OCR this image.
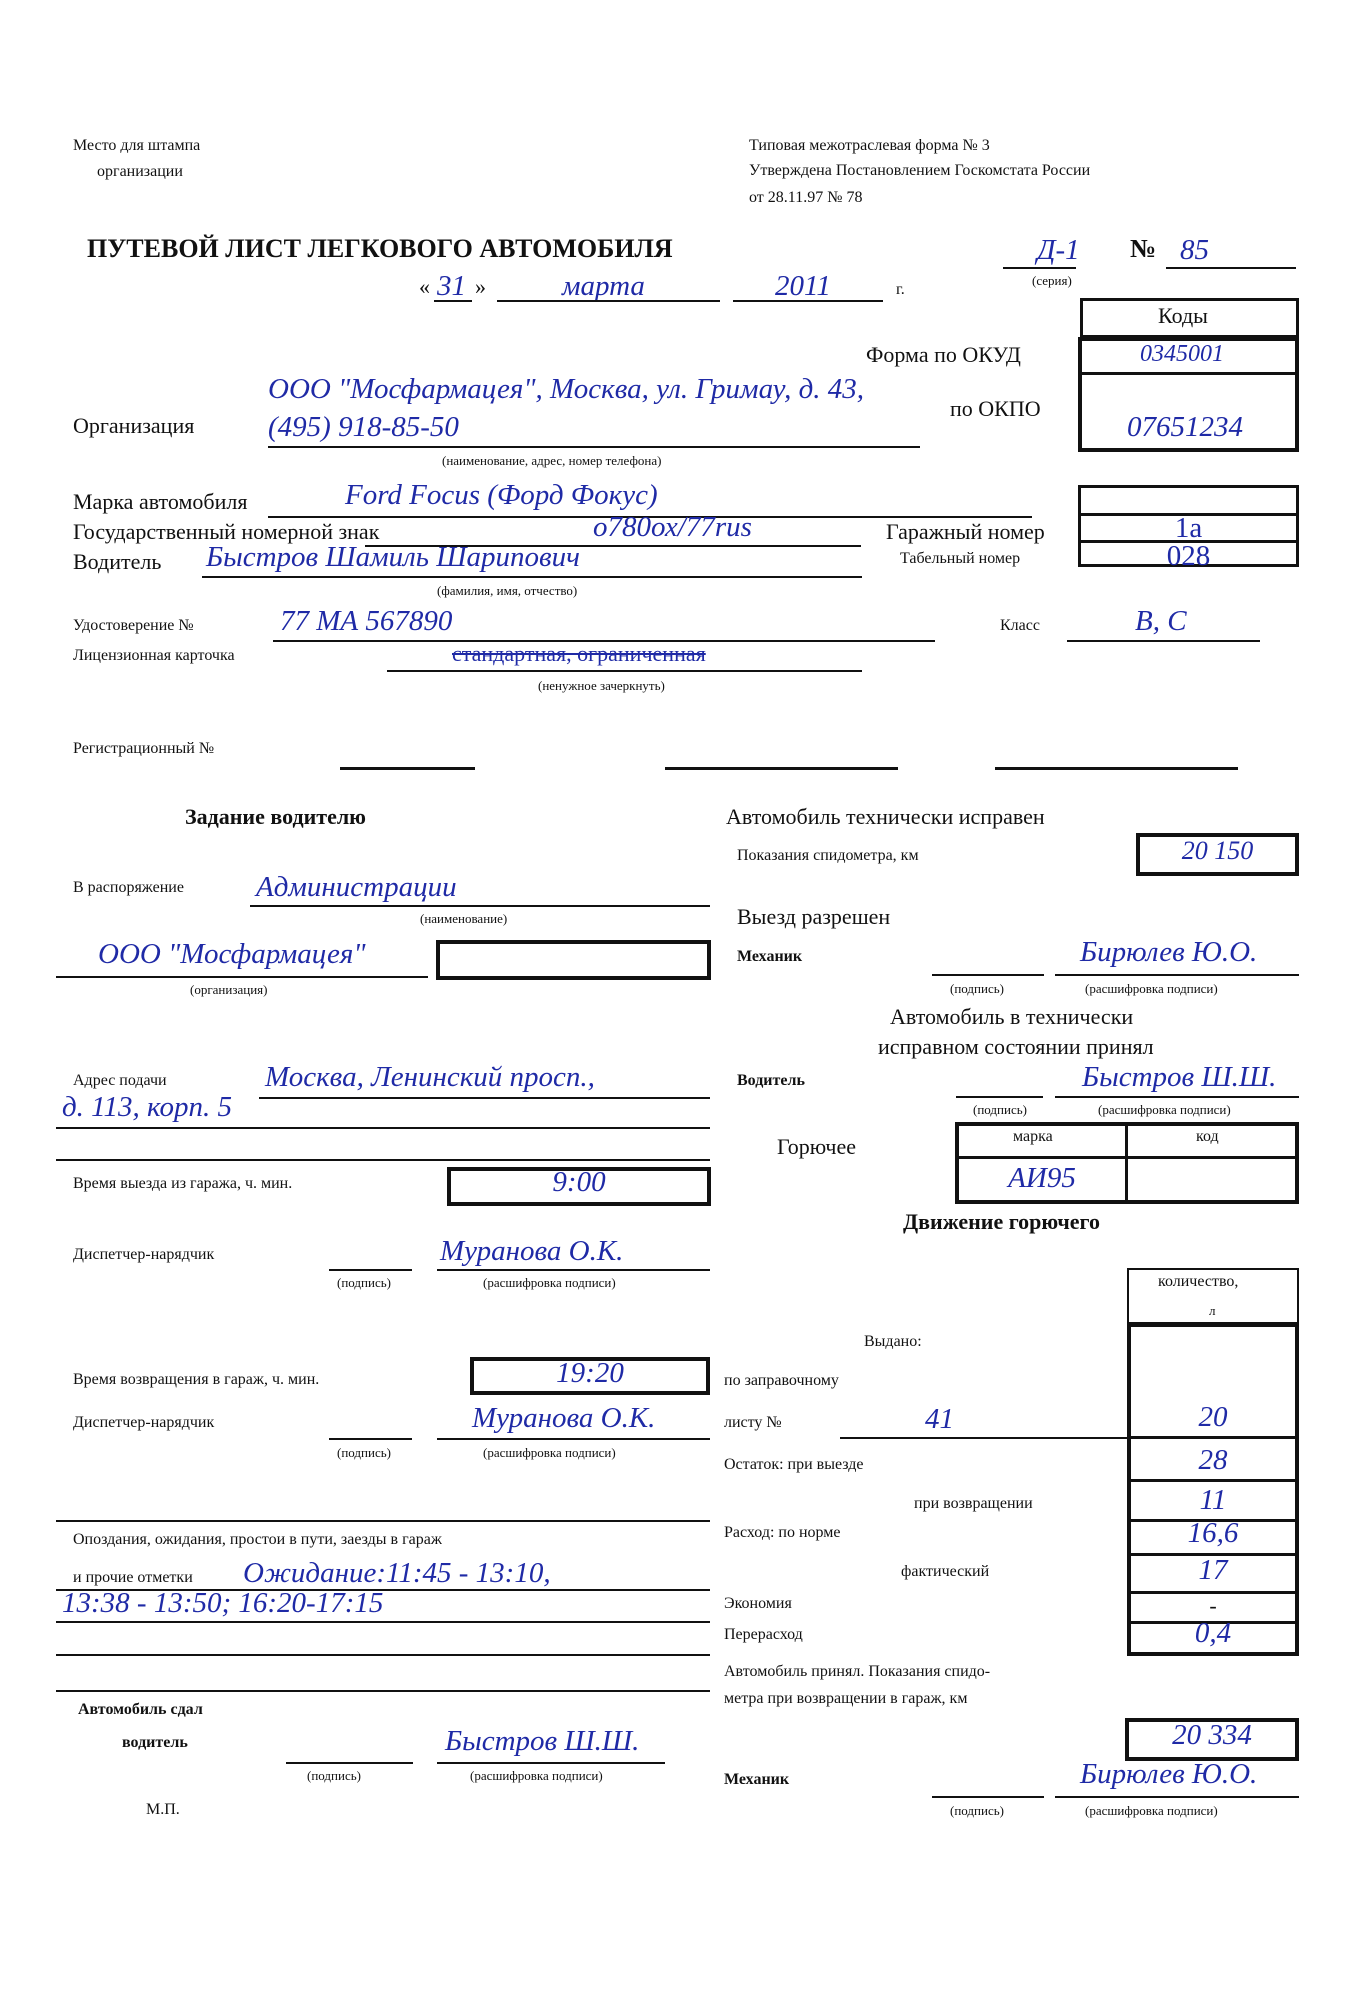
Место для штампа
организации
Типовая межотраслевая форма № 3
Утверждена Постановлением Госкомстата России
от 28.11.97 № 78
ПУТЕВОЙ ЛИСТ ЛЕГКОВОГО АВТОМОБИЛЯ	Д-1
(серия)
№ 85
« 31 »	марта	2011	г.
Коды
Форма по ОКУД	0345001
по ОКПО
07651234
Организация
ООО "Мосфармацея", Москва, ул. Гримау, д. 43,
(495) 918-85-50
(наименование, адрес, номер телефона)
Марка автомобиля	Ford Focus (Форд Фокус)
Государственный номерной знак	о780ох/77rus	Гаражный номер	1а
Водитель Быстров Шамиль Шарипович
(фамилия, имя, отчество)
Табельный номер	028
Удостоверение №	77 МА 567890	Класс	B, C
Лицензионная карточка	стандартная, ограниченная
(ненужное зачеркнуть)
Регистрационный №
Задание водителю
В распоряжение Администрации
(наименование)
ООО "Мосфармацея"
(организация)
Адрес подачи	Москва, Ленинский просп.,
д. 113, корп. 5
Время выезда из гаража, ч. мин.	9:00
Диспетчер-нарядчик
(подпись)
Муранова О.К.
(расшифровка подписи)
Время возвращения в гараж, ч. мин.	19:20
Диспетчер-нарядчик
(подпись)
Муранова О.К.
(расшифровка подписи)
Опоздания, ожидания, простои в пути, заезды в гараж
и прочие отметки Ожидание:11:45 - 13:10,
13:38 - 13:50; 16:20-17:15
Автомобиль сдал
водитель
(подпись)
Быстров Ш.Ш.
(расшифровка подписи)
М.П.
Автомобиль технически исправен
Показания спидометра, км	20 150
Выезд разрешен
Механик
(подпись)
Бирюлев Ю.О.
(расшифровка подписи)
Автомобиль в технически
исправном состоянии принял
Водитель
(подпись)
Быстров Ш.Ш.
(расшифровка подписи)
Горючее	марка	код
АИ95
Движение горючего
количество,
л
Выдано:
по заправочному
листу №	41	20
Остаток: при выезде	28
при возвращении	11
Расход: по норме	16,6
фактический	17
Экономия	-
Перерасход	0,4
Автомобиль принял. Показания спидо-
метра при возвращении в гараж, км
20 334
Механик
(подпись)
Бирюлев Ю.О.
(расшифровка подписи)
